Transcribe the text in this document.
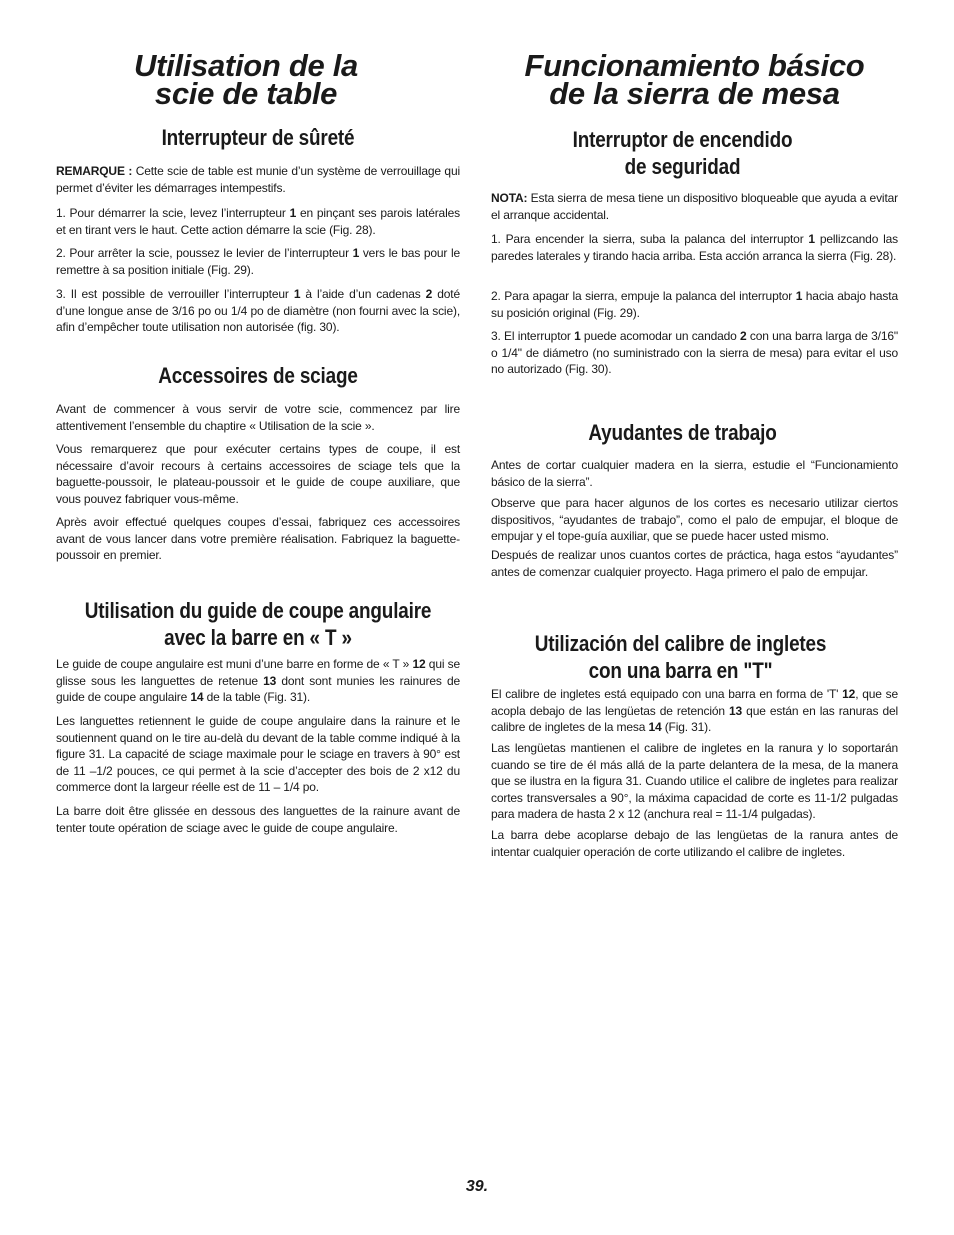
Utilisation de la
scie de table
Interrupteur de sûreté

REMARQUE : Cette scie de table est munie d’un système de verrouillage qui permet d’éviter les démarrages intempestifs.

1. Pour démarrer la scie, levez l’interrupteur 1 en pinçant ses parois latérales et en tirant vers le haut. Cette action démarre la scie (Fig. 28).

2. Pour arrêter la scie, poussez le levier de l’interrupteur 1 vers le bas pour le remettre à sa position initiale (Fig. 29).

3. Il est possible de verrouiller l’interrupteur 1 à l’aide d’un cadenas 2 doté d’une longue anse de 3/16 po ou 1/4 po de diamètre (non fourni avec la scie), afin d’empêcher toute utilisation non autorisée (fig. 30).

Accessoires de sciage

Avant de commencer à vous servir de votre scie, commencez par lire attentivement l’ensemble du chaptire « Utilisation de la scie ».

Vous remarquerez que pour exécuter certains types de coupe, il est nécessaire d’avoir recours à certains accessoires de sciage tels que la baguette-poussoir, le plateau-poussoir et le guide de coupe auxiliare, que vous pouvez fabriquer vous-même.

Après avoir effectué quelques coupes d’essai, fabriquez ces accessoires avant de vous lancer dans votre première réalisation. Fabriquez la baguette-poussoir en premier.

Utilisation du guide de coupe angulaire
avec la barre en « T »

Le guide de coupe angulaire est muni d’une barre en forme de « T » 12 qui se glisse sous les languettes de retenue 13 dont sont munies les rainures de guide de coupe angulaire 14 de la table (Fig. 31).

Les languettes retiennent le guide de coupe angulaire dans la rainure et le soutiennent quand on le tire au-delà du devant de la table comme indiqué à la figure 31. La capacité de sciage maximale pour le sciage en travers à 90° est de 11 –1/2 pouces, ce qui permet à la scie d’accepter des bois de 2 x12 du commerce dont la largeur réelle est de 11 – 1/4 po.

La barre doit être glissée en dessous des languettes de la rainure avant de tenter toute opération de sciage avec le guide de coupe angulaire.

Funcionamiento básico
de la sierra de mesa
Interruptor de encendido
de seguridad

NOTA: Esta sierra de mesa tiene un dispositivo bloqueable que ayuda a evitar el arranque accidental.

1. Para encender la sierra, suba la palanca del interruptor 1 pellizcando las paredes laterales y tirando hacia arriba. Esta acción arranca la sierra (Fig. 28).

2. Para apagar la sierra, empuje la palanca del interruptor 1 hacia abajo hasta su posición original (Fig. 29).

3. El interruptor 1 puede acomodar un candado 2 con una barra larga de 3/16" o 1/4" de diámetro (no suministrado con la sierra de mesa) para evitar el uso no autorizado (Fig. 30).

Ayudantes de trabajo

Antes de cortar cualquier madera en la sierra, estudie el “Funcionamiento básico de la sierra”.

Observe que para hacer algunos de los cortes es necesario utilizar ciertos dispositivos, “ayudantes de trabajo”, como el palo de empujar, el bloque de empujar y el tope-guía auxiliar, que se puede hacer usted mismo.

Después de realizar unos cuantos cortes de práctica, haga estos “ayudantes” antes de comenzar cualquier proyecto. Haga primero el palo de empujar.

Utilización del calibre de ingletes
con una barra en "T"

El calibre de ingletes está equipado con una barra en forma de 'T' 12, que se acopla debajo de las lengüetas de retención 13 que están en las ranuras del calibre de ingletes de la mesa 14 (Fig. 31).

Las lengüetas mantienen el calibre de ingletes en la ranura y lo soportarán cuando se tire de él más allá de la parte delantera de la mesa, de la manera que se ilustra en la figura 31. Cuando utilice el calibre de ingletes para realizar cortes transversales a 90°, la máxima capacidad de corte es 11-1/2 pulgadas para madera de hasta 2 x 12 (anchura real = 11-1/4 pulgadas).

La barra debe acoplarse debajo de las lengüetas de la ranura antes de intentar cualquier operación de corte utilizando el calibre de ingletes.

39.
